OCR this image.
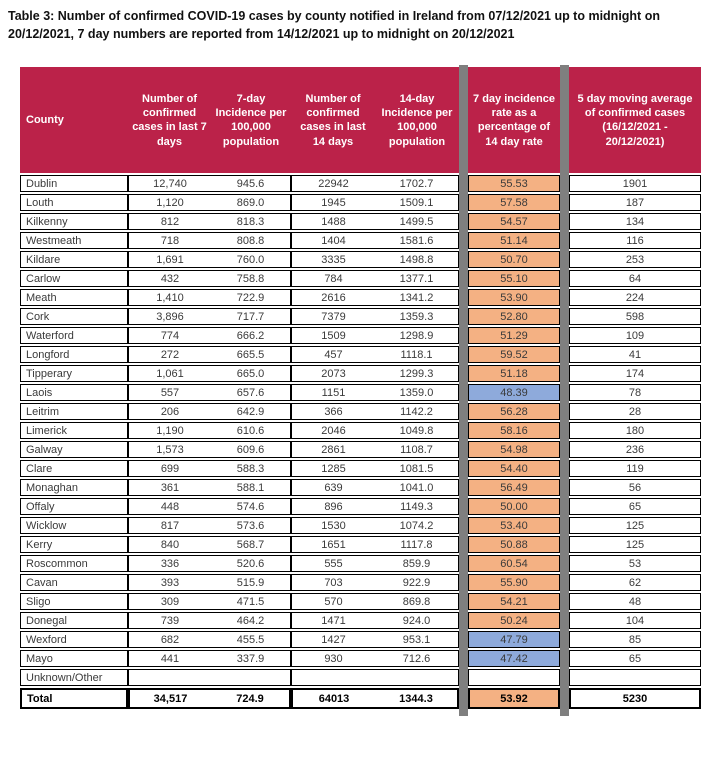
Table 3: Number of confirmed COVID-19 cases by county notified in Ireland from 07/12/2021 up to midnight on 20/12/2021, 7 day numbers are reported from 14/12/2021 up to midnight on 20/12/2021
County	Number of confirmed cases in last 7 days	7-day Incidence per 100,000 population	Number of confirmed cases in last 14 days	14-day Incidence per 100,000 population		7 day incidence rate as a percentage of 14 day rate		5 day moving average of confirmed cases (16/12/2021 - 20/12/2021)
Dublin	12,740	945.6	22942	1702.7		55.53		1901
Louth	1,120	869.0	1945	1509.1		57.58		187
Kilkenny	812	818.3	1488	1499.5		54.57		134
Westmeath	718	808.8	1404	1581.6		51.14		116
Kildare	1,691	760.0	3335	1498.8		50.70		253
Carlow	432	758.8	784	1377.1		55.10		64
Meath	1,410	722.9	2616	1341.2		53.90		224
Cork	3,896	717.7	7379	1359.3		52.80		598
Waterford	774	666.2	1509	1298.9		51.29		109
Longford	272	665.5	457	1118.1		59.52		41
Tipperary	1,061	665.0	2073	1299.3		51.18		174
Laois	557	657.6	1151	1359.0		48.39		78
Leitrim	206	642.9	366	1142.2		56.28		28
Limerick	1,190	610.6	2046	1049.8		58.16		180
Galway	1,573	609.6	2861	1108.7		54.98		236
Clare	699	588.3	1285	1081.5		54.40		119
Monaghan	361	588.1	639	1041.0		56.49		56
Offaly	448	574.6	896	1149.3		50.00		65
Wicklow	817	573.6	1530	1074.2		53.40		125
Kerry	840	568.7	1651	1117.8		50.88		125
Roscommon	336	520.6	555	859.9		60.54		53
Cavan	393	515.9	703	922.9		55.90		62
Sligo	309	471.5	570	869.8		54.21		48
Donegal	739	464.2	1471	924.0		50.24		104
Wexford	682	455.5	1427	953.1		47.79		85
Mayo	441	337.9	930	712.6		47.42		65
Unknown/Other								
Total	34,517	724.9	64013	1344.3		53.92		5230
